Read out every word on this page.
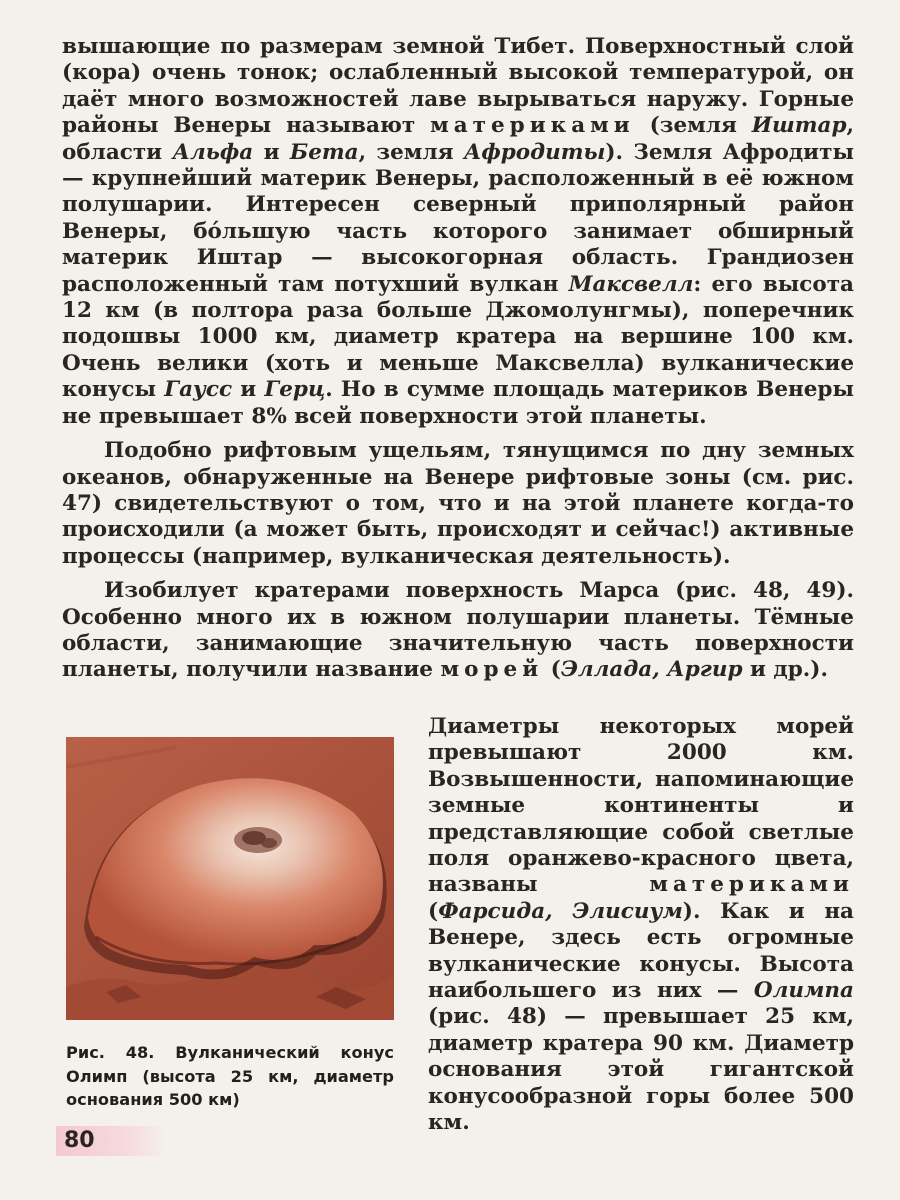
вышающие по размерам земной Тибет. Поверхностный слой (кора) очень тонок; ослабленный высокой температурой, он даёт много возможностей лаве вырываться наружу. Горные районы Венеры называют материками (земля Иштар, области Альфа и Бета, земля Афродиты). Земля Афродиты — крупнейший материк Венеры, расположенный в её южном полушарии. Интересен северный приполярный район Венеры, бóльшую часть которого занимает обширный материк Иштар — высокогорная область. Грандиозен расположенный там потухший вулкан Максвелл: его высота 12 км (в полтора раза больше Джомолунгмы), поперечник подошвы 1000 км, диаметр кратера на вершине 100 км. Очень велики (хоть и меньше Максвелла) вулканические конусы Гаусс и Герц. Но в сумме площадь материков Венеры не превышает 8% всей поверхности этой планеты.

Подобно рифтовым ущельям, тянущимся по дну земных океанов, обнаруженные на Венере рифтовые зоны (см. рис. 47) свидетельствуют о том, что и на этой планете когда-то происходили (а может быть, происходят и сейчас!) активные процессы (например, вулканическая деятельность).

Изобилует кратерами поверхность Марса (рис. 48, 49). Особенно много их в южном полушарии планеты. Тёмные области, занимающие значительную часть поверхности планеты, получили название морей (Эллада, Аргир и др.).

Диаметры некоторых морей превышают 2000 км. Возвышенности, напоминающие земные континенты и представляющие собой светлые поля оранжево-красного цвета, названы материками (Фарсида, Элисиум). Как и на Венере, здесь есть огромные вулканические конусы. Высота наибольшего из них — Олимпа (рис. 48) — превышает 25 км, диаметр кратера 90 км. Диаметр основания этой гигантской конусообразной горы более 500 км.

Рис. 48. Вулканический конус Олимп (высота 25 км, диаметр основания 500 км)
80
